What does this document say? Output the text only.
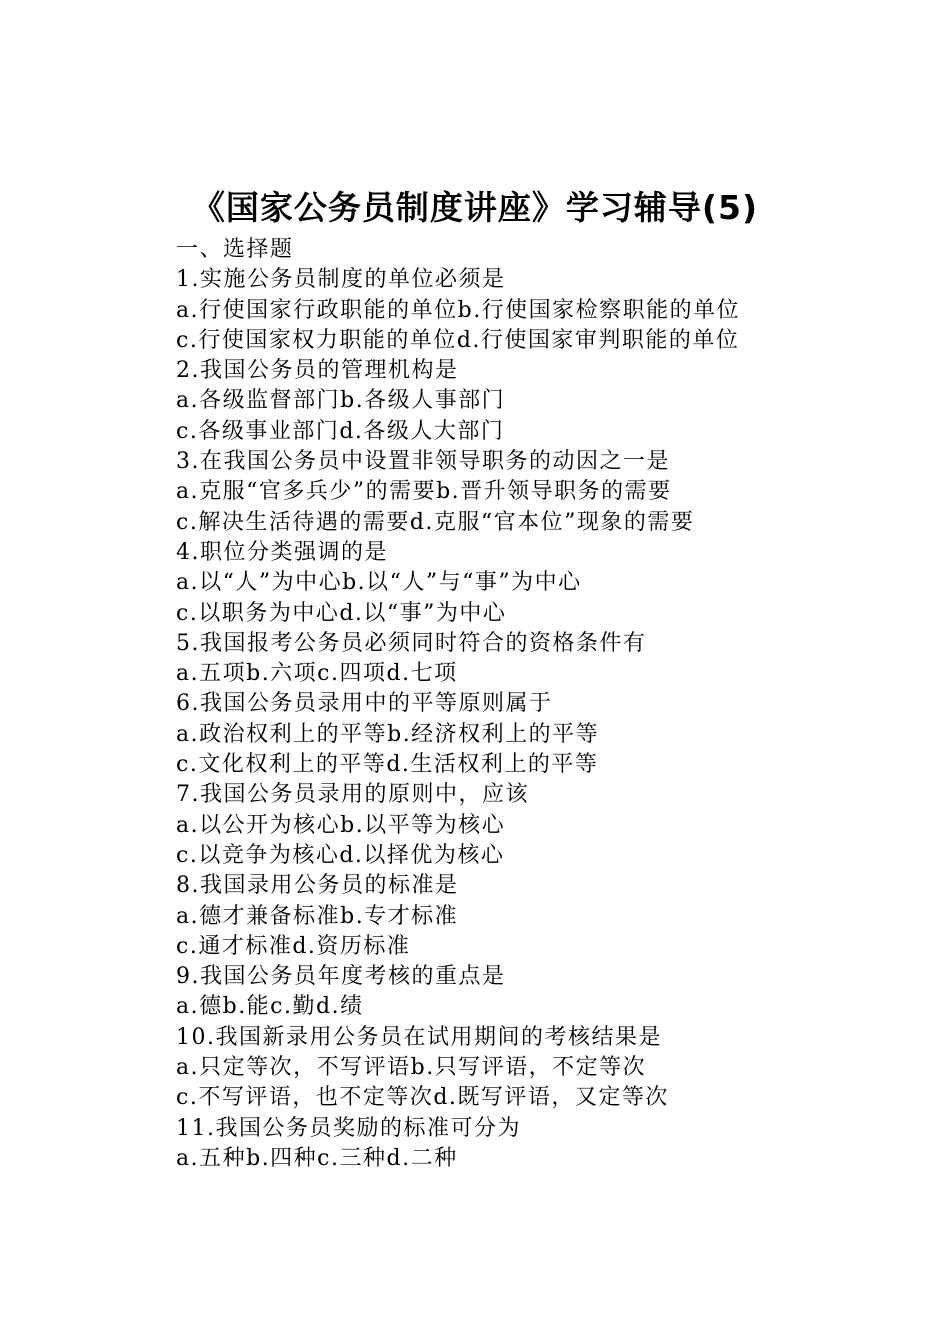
《国家公务员制度讲座》学习辅导(5)
一、选择题
1.实施公务员制度的单位必须是
a.行使国家行政职能的单位b.行使国家检察职能的单位
c.行使国家权力职能的单位d.行使国家审判职能的单位
2.我国公务员的管理机构是
a.各级监督部门b.各级人事部门
c.各级事业部门d.各级人大部门
3.在我国公务员中设置非领导职务的动因之一是
a.克服“官多兵少”的需要b.晋升领导职务的需要
c.解决生活待遇的需要d.克服“官本位”现象的需要
4.职位分类强调的是
a.以“人”为中心b.以“人”与“事”为中心
c.以职务为中心d.以“事”为中心
5.我国报考公务员必须同时符合的资格条件有
a.五项b.六项c.四项d.七项
6.我国公务员录用中的平等原则属于
a.政治权利上的平等b.经济权利上的平等
c.文化权利上的平等d.生活权利上的平等
7.我国公务员录用的原则中，应该
a.以公开为核心b.以平等为核心
c.以竞争为核心d.以择优为核心
8.我国录用公务员的标准是
a.德才兼备标准b.专才标准
c.通才标准d.资历标准
9.我国公务员年度考核的重点是
a.德b.能c.勤d.绩
10.我国新录用公务员在试用期间的考核结果是
a.只定等次，不写评语b.只写评语，不定等次
c.不写评语，也不定等次d.既写评语，又定等次
11.我国公务员奖励的标准可分为
a.五种b.四种c.三种d.二种
